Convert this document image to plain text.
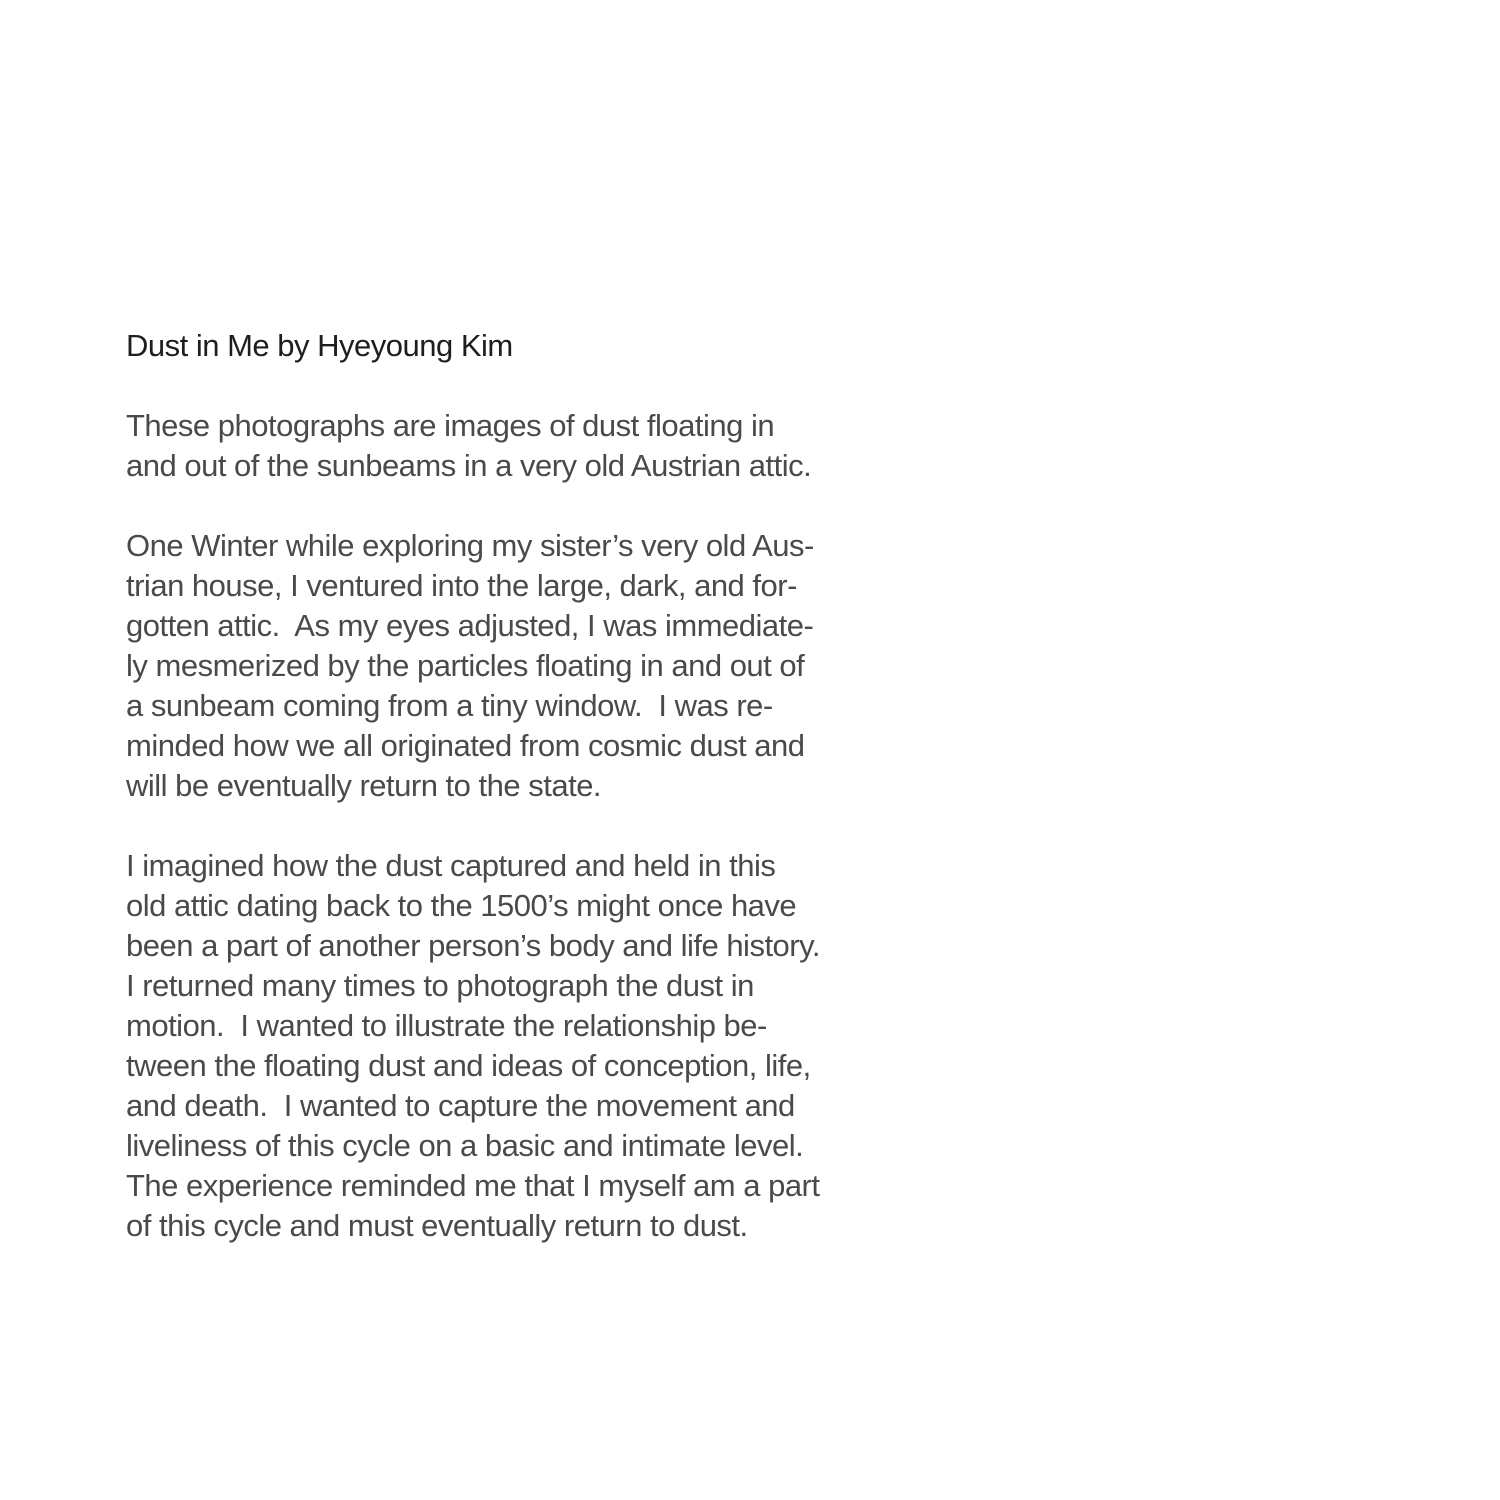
Dust in Me by Hyeyoung Kim
These photographs are images of dust floating in
and out of the sunbeams in a very old Austrian attic.
One Winter while exploring my sister’s very old Aus-
trian house, I ventured into the large, dark, and for-
gotten attic.  As my eyes adjusted, I was immediate-
ly mesmerized by the particles floating in and out of
a sunbeam coming from a tiny window.  I was re-
minded how we all originated from cosmic dust and
will be eventually return to the state.
I imagined how the dust captured and held in this
old attic dating back to the 1500’s might once have
been a part of another person’s body and life history.
I returned many times to photograph the dust in
motion.  I wanted to illustrate the relationship be-
tween the floating dust and ideas of conception, life,
and death.  I wanted to capture the movement and
liveliness of this cycle on a basic and intimate level.
The experience reminded me that I myself am a part
of this cycle and must eventually return to dust.
